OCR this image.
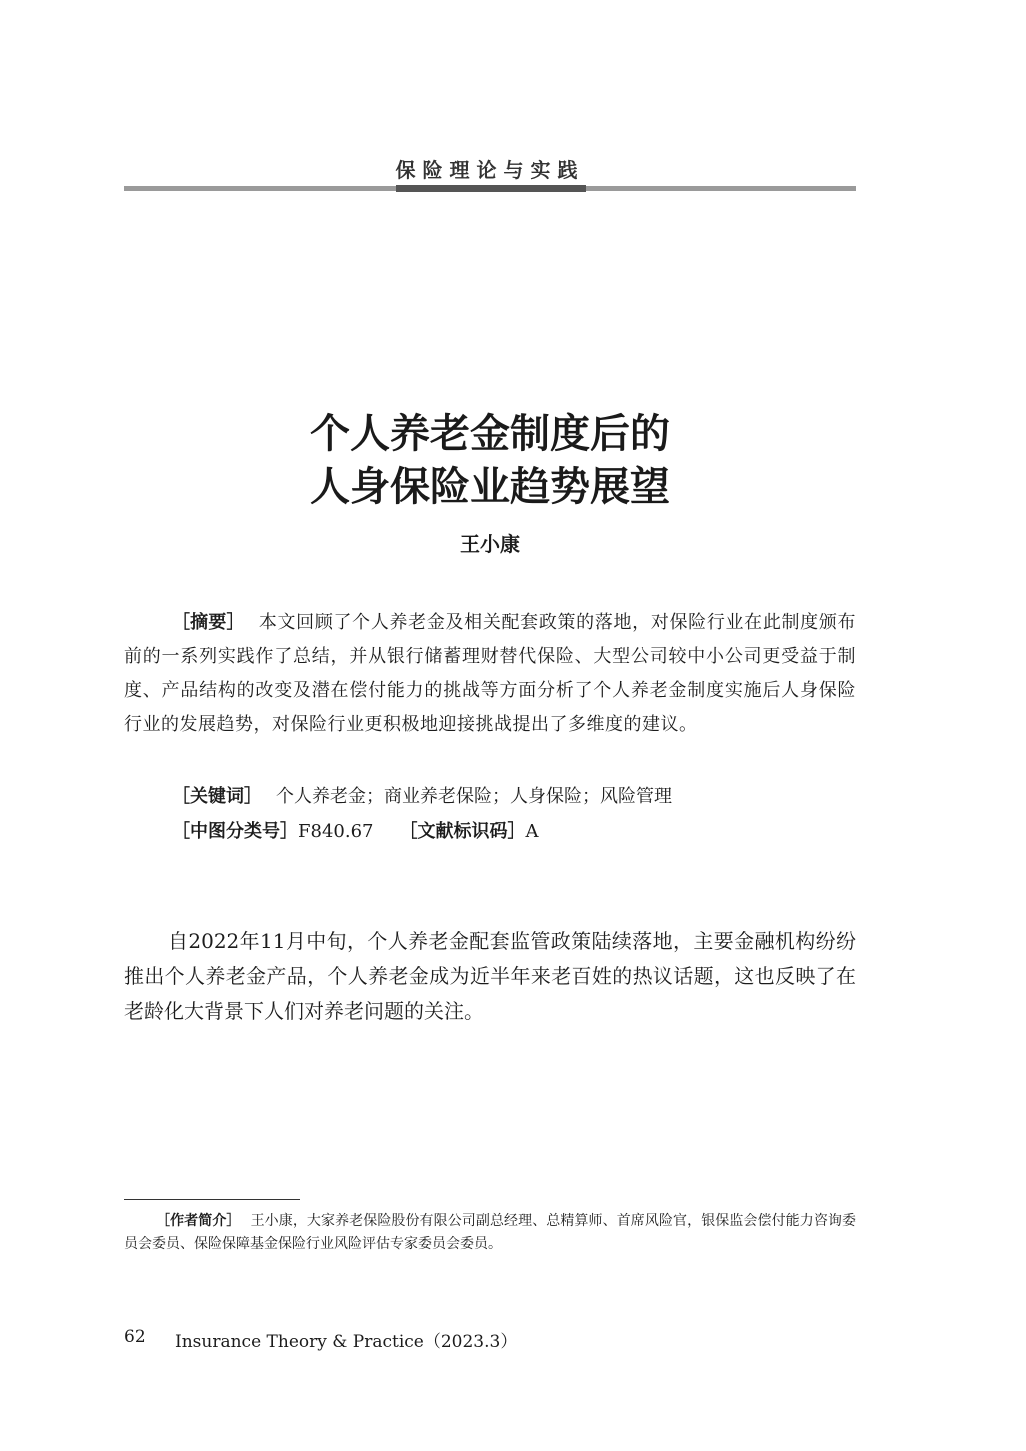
保险理论与实践
个人养老金制度后的
人身保险业趋势展望
王小康

［摘要］ 本文回顾了个人养老金及相关配套政策的落地，对保险行业在此制度颁布前的一系列实践作了总结，并从银行储蓄理财替代保险、大型公司较中小公司更受益于制度、产品结构的改变及潜在偿付能力的挑战等方面分析了个人养老金制度实施后人身保险行业的发展趋势，对保险行业更积极地迎接挑战提出了多维度的建议。

［关键词］ 个人养老金；商业养老保险；人身保险；风险管理
［中图分类号］F840.67 ［文献标识码］A

自2022年11月中旬，个人养老金配套监管政策陆续落地，主要金融机构纷纷推出个人养老金产品，个人养老金成为近半年来老百姓的热议话题，这也反映了在老龄化大背景下人们对养老问题的关注。

［作者简介］ 王小康，大家养老保险股份有限公司副总经理、总精算师、首席风险官，银保监会偿付能力咨询委员会委员、保险保障基金保险行业风险评估专家委员会委员。

62 Insurance Theory & Practice（2023.3）
